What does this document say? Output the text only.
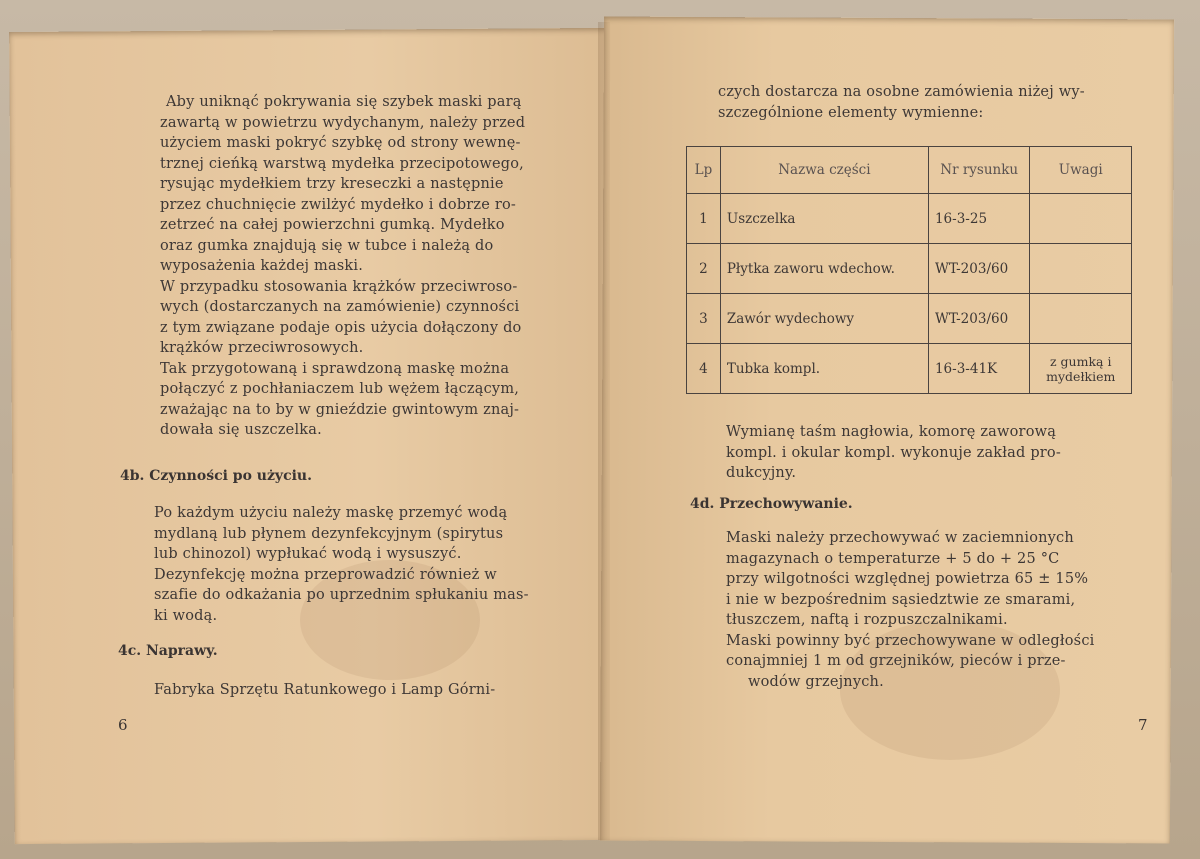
Aby uniknąć pokrywania się szybek maski parą
zawartą w powietrzu wydychanym, należy przed
użyciem maski pokryć szybkę od strony wewnę-
trznej cieńką warstwą mydełka przecipotowego,
rysując mydełkiem trzy kreseczki a następnie
przez chuchnięcie zwilżyć mydełko i dobrze ro-
zetrzeć na całej powierzchni gumką. Mydełko
oraz gumka znajdują się w tubce i należą do
wyposażenia każdej maski.
W przypadku stosowania krążków przeciwroso-
wych (dostarczanych na zamówienie) czynności
z tym związane podaje opis użycia dołączony do
krążków przeciwrosowych.
Tak przygotowaną i sprawdzoną maskę można
połączyć z pochłaniaczem lub wężem łączącym,
zważając na to by w gnieździe gwintowym znaj-
dowała się uszczelka.
4b. Czynności po użyciu.
Po każdym użyciu należy maskę przemyć wodą
mydlaną lub płynem dezynfekcyjnym (spirytus
lub chinozol) wypłukać wodą i wysuszyć.
Dezynfekcję można przeprowadzić również w
szafie do odkażania po uprzednim spłukaniu mas-
ki wodą.
4c. Naprawy.
Fabryka Sprzętu Ratunkowego i Lamp Górni-
6
czych dostarcza na osobne zamówienia niżej wy-
szczególnione elementy wymienne:
Lp	Nazwa części	Nr rysunku	Uwagi
1	Uszczelka	16-3-25	
2	Płytka zaworu wdechow.	WT-203/60	
3	Zawór wydechowy	WT-203/60	
4	Tubka kompl.	16-3-41K	z gumką i mydełkiem
Wymianę taśm nagłowia, komorę zaworową
kompl. i okular kompl. wykonuje zakład pro-
dukcyjny.
4d. Przechowywanie.
Maski należy przechowywać w zaciemnionych
magazynach o temperaturze + 5 do + 25 °C
przy wilgotności względnej powietrza 65 ± 15%
i nie w bezpośrednim sąsiedztwie ze smarami,
tłuszczem, naftą i rozpuszczalnikami.
Maski powinny być przechowywane w odległości
conajmniej 1 m od grzejników, pieców i prze-
wodów grzejnych.
7
